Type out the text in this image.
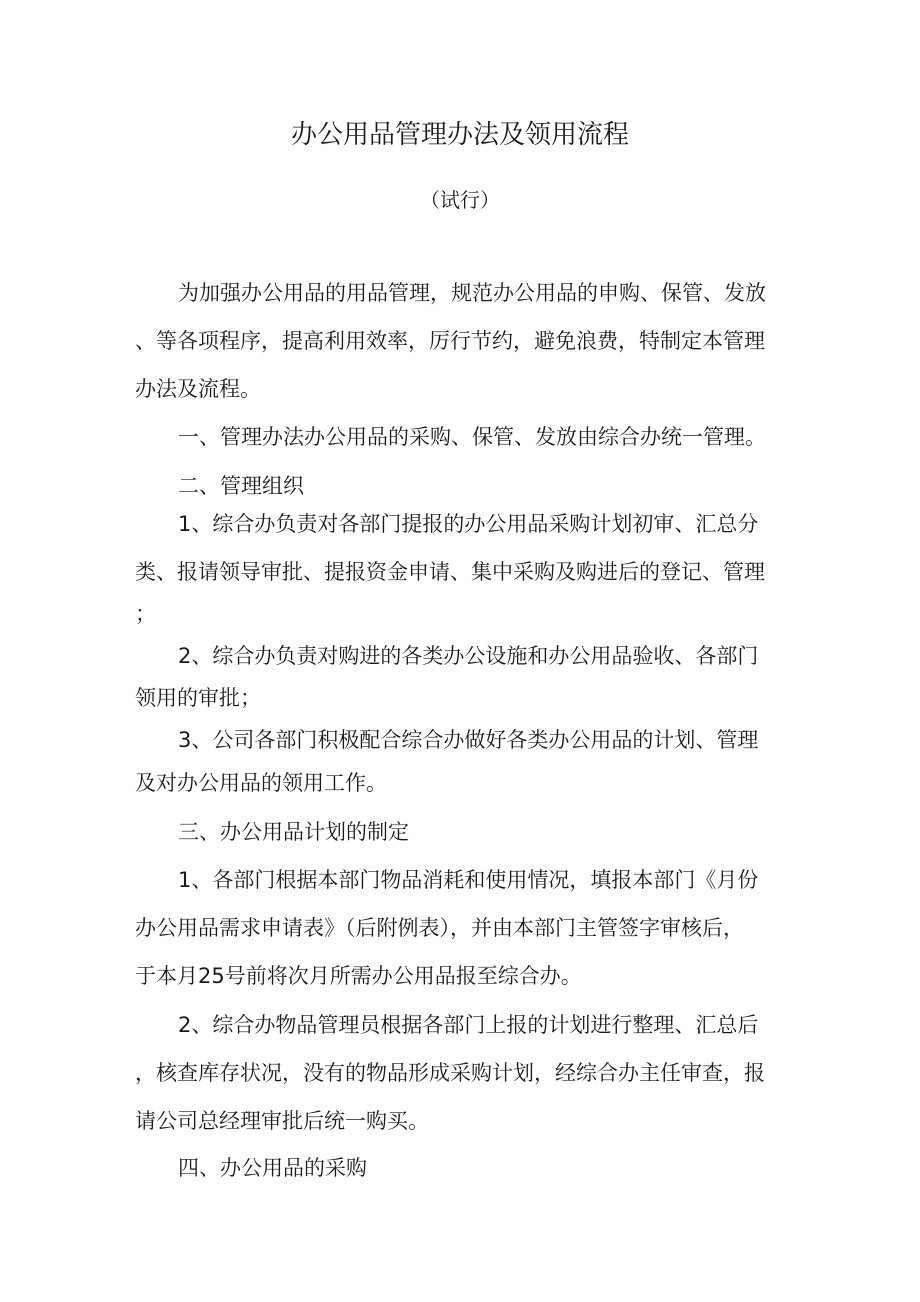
办公用品管理办法及领用流程
（试行）
为加强办公用品的用品管理，规范办公用品的申购、保管、发放
、等各项程序，提高利用效率，厉行节约，避免浪费，特制定本管理
办法及流程。
一、管理办法办公用品的采购、保管、发放由综合办统一管理。
二、管理组织
1、综合办负责对各部门提报的办公用品采购计划初审、汇总分
类、报请领导审批、提报资金申请、集中采购及购进后的登记、管理
；
2、综合办负责对购进的各类办公设施和办公用品验收、各部门
领用的审批；
3、公司各部门积极配合综合办做好各类办公用品的计划、管理
及对办公用品的领用工作。
三、办公用品计划的制定
1、各部门根据本部门物品消耗和使用情况，填报本部门《月份
办公用品需求申请表》（后附例表），并由本部门主管签字审核后，
于本月25号前将次月所需办公用品报至综合办。
2、综合办物品管理员根据各部门上报的计划进行整理、汇总后
，核查库存状况，没有的物品形成采购计划，经综合办主任审查，报
请公司总经理审批后统一购买。
四、办公用品的采购
